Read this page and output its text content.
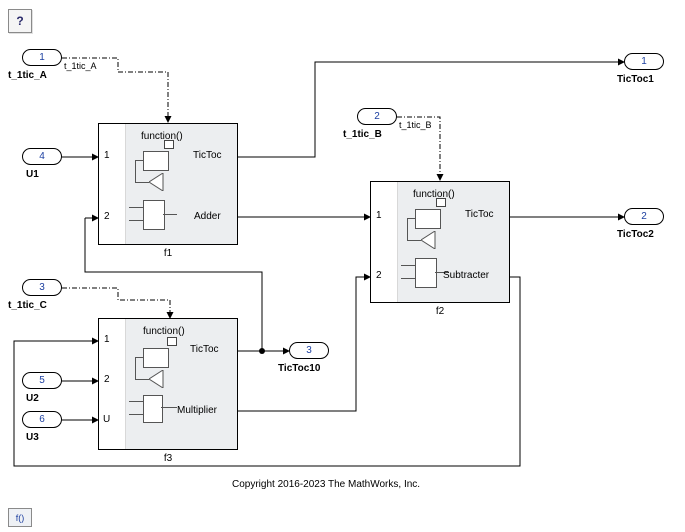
?
f()
1
t_1tic_A
t_1tic_A
2
t_1tic_B
t_1tic_B
3
t_1tic_C
4
U1
5
U2
6
U3
1
TicToc1
2
TicToc2
3
TicToc10
function()
1
2
TicToc
Adder
f1
function()
1
2
TicToc
Subtracter
f2
function()
1
2
U
TicToc
Multiplier
f3
Copyright 2016-2023 The MathWorks, Inc.
